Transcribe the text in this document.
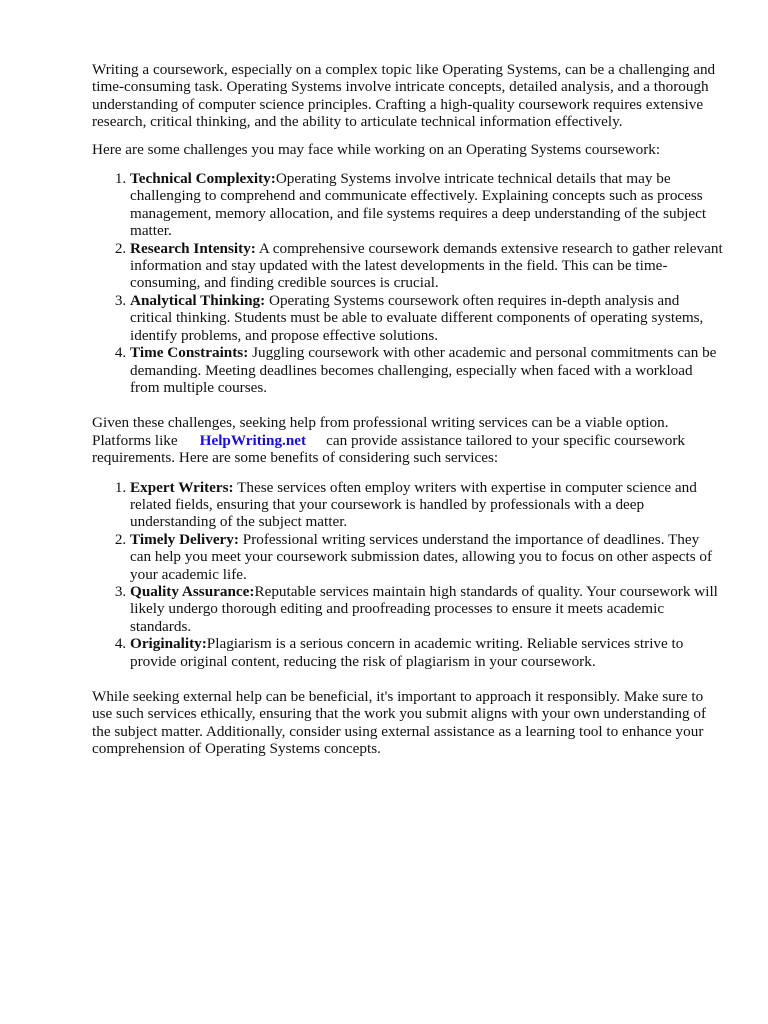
Writing a coursework, especially on a complex topic like Operating Systems, can be a challenging and time-consuming task. Operating Systems involve intricate concepts, detailed analysis, and a thorough understanding of computer science principles. Crafting a high-quality coursework requires extensive research, critical thinking, and the ability to articulate technical information effectively.

Here are some challenges you may face while working on an Operating Systems coursework:

1. Technical Complexity:Operating Systems involve intricate technical details that may be challenging to comprehend and communicate effectively. Explaining concepts such as process management, memory allocation, and file systems requires a deep understanding of the subject matter.
2. Research Intensity: A comprehensive coursework demands extensive research to gather relevant information and stay updated with the latest developments in the field. This can be time-consuming, and finding credible sources is crucial.
3. Analytical Thinking: Operating Systems coursework often requires in-depth analysis and critical thinking. Students must be able to evaluate different components of operating systems, identify problems, and propose effective solutions.
4. Time Constraints: Juggling coursework with other academic and personal commitments can be demanding. Meeting deadlines becomes challenging, especially when faced with a workload from multiple courses.

Given these challenges, seeking help from professional writing services can be a viable option. Platforms like HelpWriting.net can provide assistance tailored to your specific coursework requirements. Here are some benefits of considering such services:

1. Expert Writers: These services often employ writers with expertise in computer science and related fields, ensuring that your coursework is handled by professionals with a deep understanding of the subject matter.
2. Timely Delivery: Professional writing services understand the importance of deadlines. They can help you meet your coursework submission dates, allowing you to focus on other aspects of your academic life.
3. Quality Assurance:Reputable services maintain high standards of quality. Your coursework will likely undergo thorough editing and proofreading processes to ensure it meets academic standards.
4. Originality:Plagiarism is a serious concern in academic writing. Reliable services strive to provide original content, reducing the risk of plagiarism in your coursework.

While seeking external help can be beneficial, it's important to approach it responsibly. Make sure to use such services ethically, ensuring that the work you submit aligns with your own understanding of the subject matter. Additionally, consider using external assistance as a learning tool to enhance your comprehension of Operating Systems concepts.
